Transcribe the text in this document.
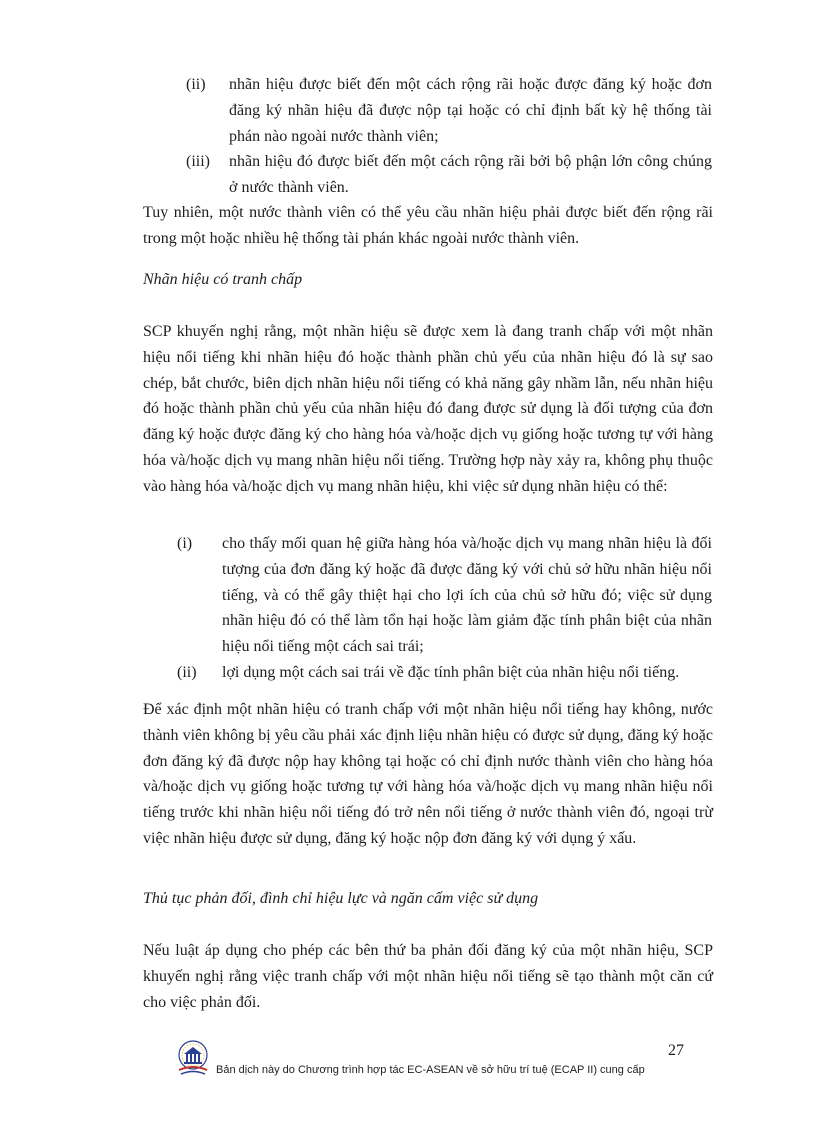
(ii) nhãn hiệu được biết đến một cách rộng rãi hoặc được đăng ký hoặc đơn đăng ký nhãn hiệu đã được nộp tại hoặc có chỉ định bất kỳ hệ thống tài phán nào ngoài nước thành viên;
(iii) nhãn hiệu đó được biết đến một cách rộng rãi bởi bộ phận lớn công chúng ở nước thành viên.
Tuy nhiên, một nước thành viên có thể yêu cầu nhãn hiệu phải được biết đến rộng rãi trong một hoặc nhiều hệ thống tài phán khác ngoài nước thành viên.
Nhãn hiệu có tranh chấp
SCP khuyến nghị rằng, một nhãn hiệu sẽ được xem là đang tranh chấp với một nhãn hiệu nổi tiếng khi nhãn hiệu đó hoặc thành phần chủ yếu của nhãn hiệu đó là sự sao chép, bắt chước, biên dịch nhãn hiệu nổi tiếng có khả năng gây nhầm lẫn, nếu nhãn hiệu đó hoặc thành phần chủ yếu của nhãn hiệu đó đang được sử dụng là đối tượng của đơn đăng ký hoặc được đăng ký cho hàng hóa và/hoặc dịch vụ giống hoặc tương tự với hàng hóa và/hoặc dịch vụ mang nhãn hiệu nổi tiếng. Trường hợp này xảy ra, không phụ thuộc vào hàng hóa và/hoặc dịch vụ mang nhãn hiệu, khi việc sử dụng nhãn hiệu có thể:
(i) cho thấy mối quan hệ giữa hàng hóa và/hoặc dịch vụ mang nhãn hiệu là đối tượng của đơn đăng ký hoặc đã được đăng ký với chủ sở hữu nhãn hiệu nổi tiếng, và có thể gây thiệt hại cho lợi ích của chủ sở hữu đó; việc sử dụng nhãn hiệu đó có thể làm tổn hại hoặc làm giảm đặc tính phân biệt của nhãn hiệu nổi tiếng một cách sai trái;
(ii) lợi dụng một cách sai trái về đặc tính phân biệt của nhãn hiệu nổi tiếng.
Để xác định một nhãn hiệu có tranh chấp với một nhãn hiệu nổi tiếng hay không, nước thành viên không bị yêu cầu phải xác định liệu nhãn hiệu có được sử dụng, đăng ký hoặc đơn đăng ký đã được nộp hay không tại hoặc có chỉ định nước thành viên cho hàng hóa và/hoặc dịch vụ giống hoặc tương tự với hàng hóa và/hoặc dịch vụ mang nhãn hiệu nổi tiếng trước khi nhãn hiệu nổi tiếng đó trở nên nổi tiếng ở nước thành viên đó, ngoại trừ việc nhãn hiệu được sử dụng, đăng ký hoặc nộp đơn đăng ký với dụng ý xấu.
Thủ tục phản đối, đình chỉ hiệu lực và ngăn cấm việc sử dụng
Nếu luật áp dụng cho phép các bên thứ ba phản đối đăng ký của một nhãn hiệu, SCP khuyến nghị rằng việc tranh chấp với một nhãn hiệu nổi tiếng sẽ tạo thành một căn cứ cho việc phản đối.
27
Bản dịch này do Chương trình hợp tác EC-ASEAN về sở hữu trí tuệ (ECAP II) cung cấp
